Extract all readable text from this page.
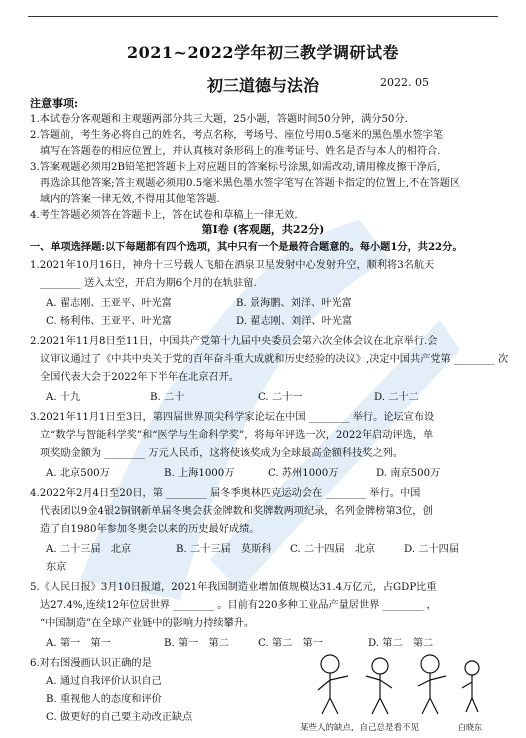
2021~2022学年初三教学调研试卷
初三道德与法治	2022. 05
注意事项:
1.本试卷分客观题和主观题两部分共三大题，25小题，答题时间50分钟，满分50分.
2.答题前，考生务必将自己的姓名，考点名称，考场号、座位号用0.5毫米的黑色墨水签字笔
填写在答题卷的相应位置上，并认真核对条形码上的准考证号、姓名是否与本人的相符合.
3.答案观题必须用2B铅笔把答题卡上对应题目的答案标号涂黑,如需改动,请用橡皮擦干净后,
再选涂其他答案;答主观题必须用0.5毫米黑色墨水签字笔写在答题卡指定的位置上,不在答题区
域内的答案一律无效,不得用其他笔答题.
4.考生答题必须答在答题卡上，答在试卷和草稿上一律无效.
第Ⅰ卷 (客观题，共22分)
一、单项选择题:以下每题都有四个选项，其中只有一个是最符合题意的。每小题1分，共22分。
1.2021年10月16日，神舟十三号载人飞船在酒泉卫星发射中心发射升空，顺利将3名航天
________ 送入太空，开启为期6个月的在轨驻留.
A. 翟志刚、王亚平、叶光富	B. 景海鹏、刘洋、叶光富
C. 杨利伟、王亚平、叶光富	D. 翟志刚、刘洋、叶光富
2.2021年11月8日至11日，中国共产党第十九届中央委员会第六次全体会议在北京举行.会
议审议通过了《中共中央关于党的百年奋斗重大成就和历史经验的决议》,决定中国共产党第 ________ 次
全国代表大会于2022年下半年在北京召开。
A. 十九	B. 二十	C. 二十一	D. 二十二
3.2021年11月1日至3日，第四届世界顶尖科学家论坛在中国 ________ 举行。论坛宣布设
立“数学与智能科学奖”和“医学与生命科学奖”，将每年评选一次，2022年启动评选，单
项奖励金额为 ________ 万元人民币，这将使该奖成为全球最高金额科技奖之列。
A. 北京500万	B. 上海1000万	C. 苏州1000万	D. 南京500万
4.2022年2月4日至20日，第 ________ 届冬季奥林匹克运动会在 ________ 举行。中国
代表团以9金4银2铜钢新单届冬奥会获金牌数和奖牌数两项纪录，名列金牌榜第3位，创
造了自1980年参加冬奥会以来的历史最好成绩。
A. 二十三届　北京	B. 二十三届　莫斯科 C. 二十四届　北京	D. 二十四届
东京
5.《人民日报》3月10日报道，2021年我国制造业增加值规模达31.4万亿元，占GDP比重
达27.4%,连续12年位居世界 ________ 。目前有220多种工业品产量居世界 ________ ，
“中国制造”在全球产业链中的影响力持续攀升。
A. 第一　第一	B. 第一　第二	C. 第二　第一	D. 第二　第二
6.对右图漫画认识正确的是
A. 通过自我评价认识自己
B. 重视他人的态度和评价
C. 做更好的自己要主动改正缺点
某些人的缺点，自己总是看不见	白晓东
